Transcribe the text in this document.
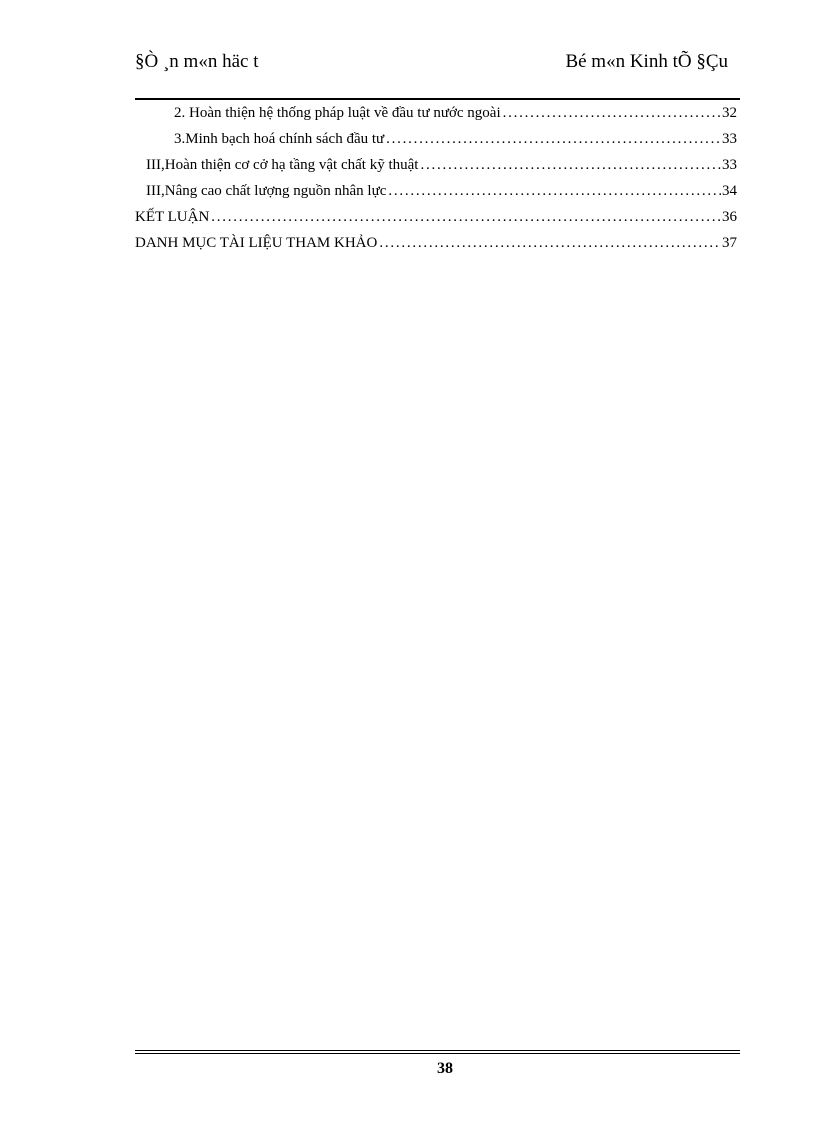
§Ò ¸n m«n häc t	Bé m«n Kinh tÕ §Çu
2. Hoàn thiện hệ thống pháp luật về đầu tư nước ngoài . . .	32
3.Minh bạch hoá chính sách đầu tư . . .	33
III,Hoàn thiện cơ cở hạ tầng vật chất kỹ thuật . . .	33
III,Nâng cao chất lượng nguồn nhân lực . . .	34
KẾT LUẬN . . .	36
DANH MỤC TÀI LIỆU THAM KHẢO . . .	37
38
